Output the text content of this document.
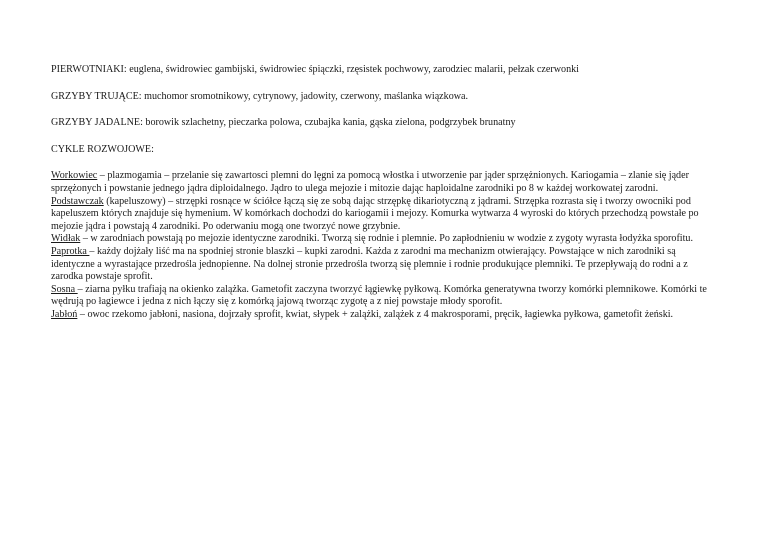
PIERWOTNIAKI: euglena, świdrowiec gambijski, świdrowiec śpiączki, rzęsistek pochwowy, zarodziec malarii, pełzak czerwonki

GRZYBY TRUJĄCE: muchomor sromotnikowy, cytrynowy, jadowity, czerwony, maślanka wiązkowa.

GRZYBY JADALNE: borowik szlachetny, pieczarka polowa, czubajka kania, gąska zielona, podgrzybek brunatny

CYKLE ROZWOJOWE:

Workowiec – plazmogamia – przelanie się zawartosci plemni do lęgni za pomocą włostka i utworzenie par jąder sprzężnionych. Kariogamia – zlanie się jąder sprzężonych i powstanie jednego jądra diploidalnego. Jądro to ulega mejozie i mitozie dając haploidalne zarodniki po 8 w każdej workowatej zarodni.

Podstawczak (kapeluszowy) – strzępki rosnące w ściółce łączą się ze sobą dając strzępkę dikariotyczną z jądrami. Strzępka rozrasta się i tworzy owocniki pod kapeluszem których znajduje się hymenium. W komórkach dochodzi do kariogamii i mejozy. Komurka wytwarza 4 wyroski do których przechodzą powstałe po mejozie jądra i powstają 4 zarodniki. Po oderwaniu mogą one tworzyć nowe grzybnie.

Widłak – w zarodniach powstają po mejozie identyczne zarodniki. Tworzą się rodnie i plemnie. Po zapłodnieniu w wodzie z zygoty wyrasta łodyżka sporofitu.

Paprotka – każdy dojżały liść ma na spodniej stronie blaszki – kupki zarodni. Każda z zarodni ma mechanizm otwierający. Powstające w nich zarodniki są identyczne a wyrastające przedrośla jednopienne. Na dolnej stronie przedrośla tworzą się plemnie i rodnie produkujące plemniki. Te przepływają do rodni a z zarodka powstaje sprofit.

Sosna – ziarna pyłku trafiają na okienko zalążka. Gametofit zaczyna tworzyć łągiewkę pyłkową. Komórka generatywna tworzy komórki plemnikowe. Komórki te wędrują po łagiewce i jedna z nich łączy się z komórką jajową tworząc zygotę a z niej powstaje młody sporofit.

Jabłoń – owoc rzekomo jabłoni, nasiona, dojrzały sprofit, kwiat, słypek + zalążki, zalążek z 4 makrosporami, pręcik, łagiewka pyłkowa, gametofit żeński.
